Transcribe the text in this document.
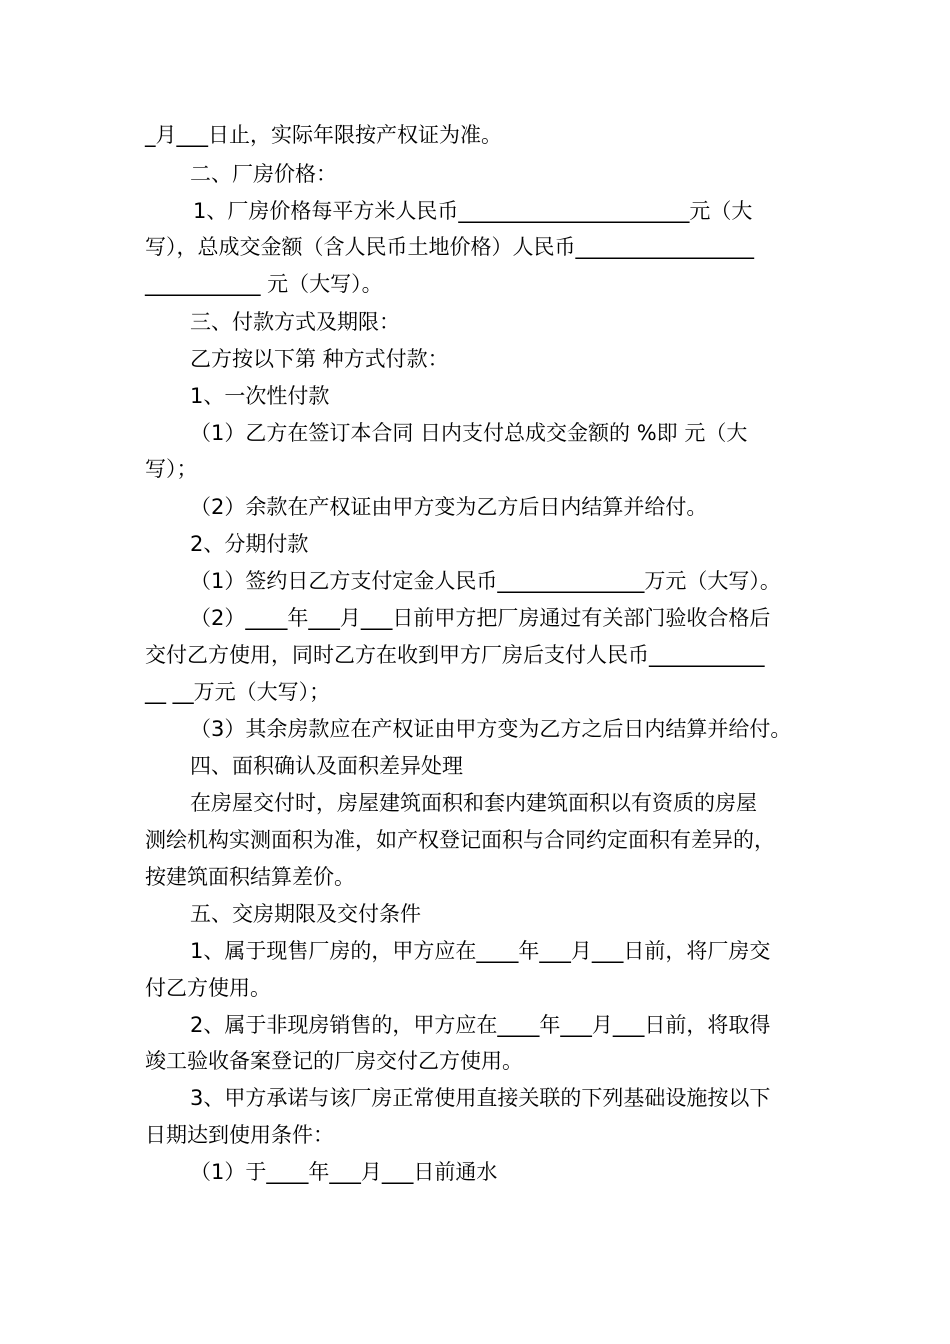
_月___日止，实际年限按产权证为准。
二、厂房价格：
1、厂房价格每平方米人民币______________________元（大
写），总成交金额（含人民币土地价格）人民币_________________
___________ 元（大写）。
三、付款方式及期限：
乙方按以下第 种方式付款：
1、一次性付款
（1）乙方在签订本合同 日内支付总成交金额的 %即 元（大
写）；
（2）余款在产权证由甲方变为乙方后日内结算并给付。
2、分期付款
（1）签约日乙方支付定金人民币______________万元（大写）。
（2）____年___月___日前甲方把厂房通过有关部门验收合格后
交付乙方使用，同时乙方在收到甲方厂房后支付人民币___________
__ __万元（大写）；
（3）其余房款应在产权证由甲方变为乙方之后日内结算并给付。
四、面积确认及面积差异处理
在房屋交付时，房屋建筑面积和套内建筑面积以有资质的房屋
测绘机构实测面积为准，如产权登记面积与合同约定面积有差异的，
按建筑面积结算差价。
五、交房期限及交付条件
1、属于现售厂房的，甲方应在____年___月___日前，将厂房交
付乙方使用。
2、属于非现房销售的，甲方应在____年___月___日前，将取得
竣工验收备案登记的厂房交付乙方使用。
3、甲方承诺与该厂房正常使用直接关联的下列基础设施按以下
日期达到使用条件：
（1）于____年___月___日前通水
